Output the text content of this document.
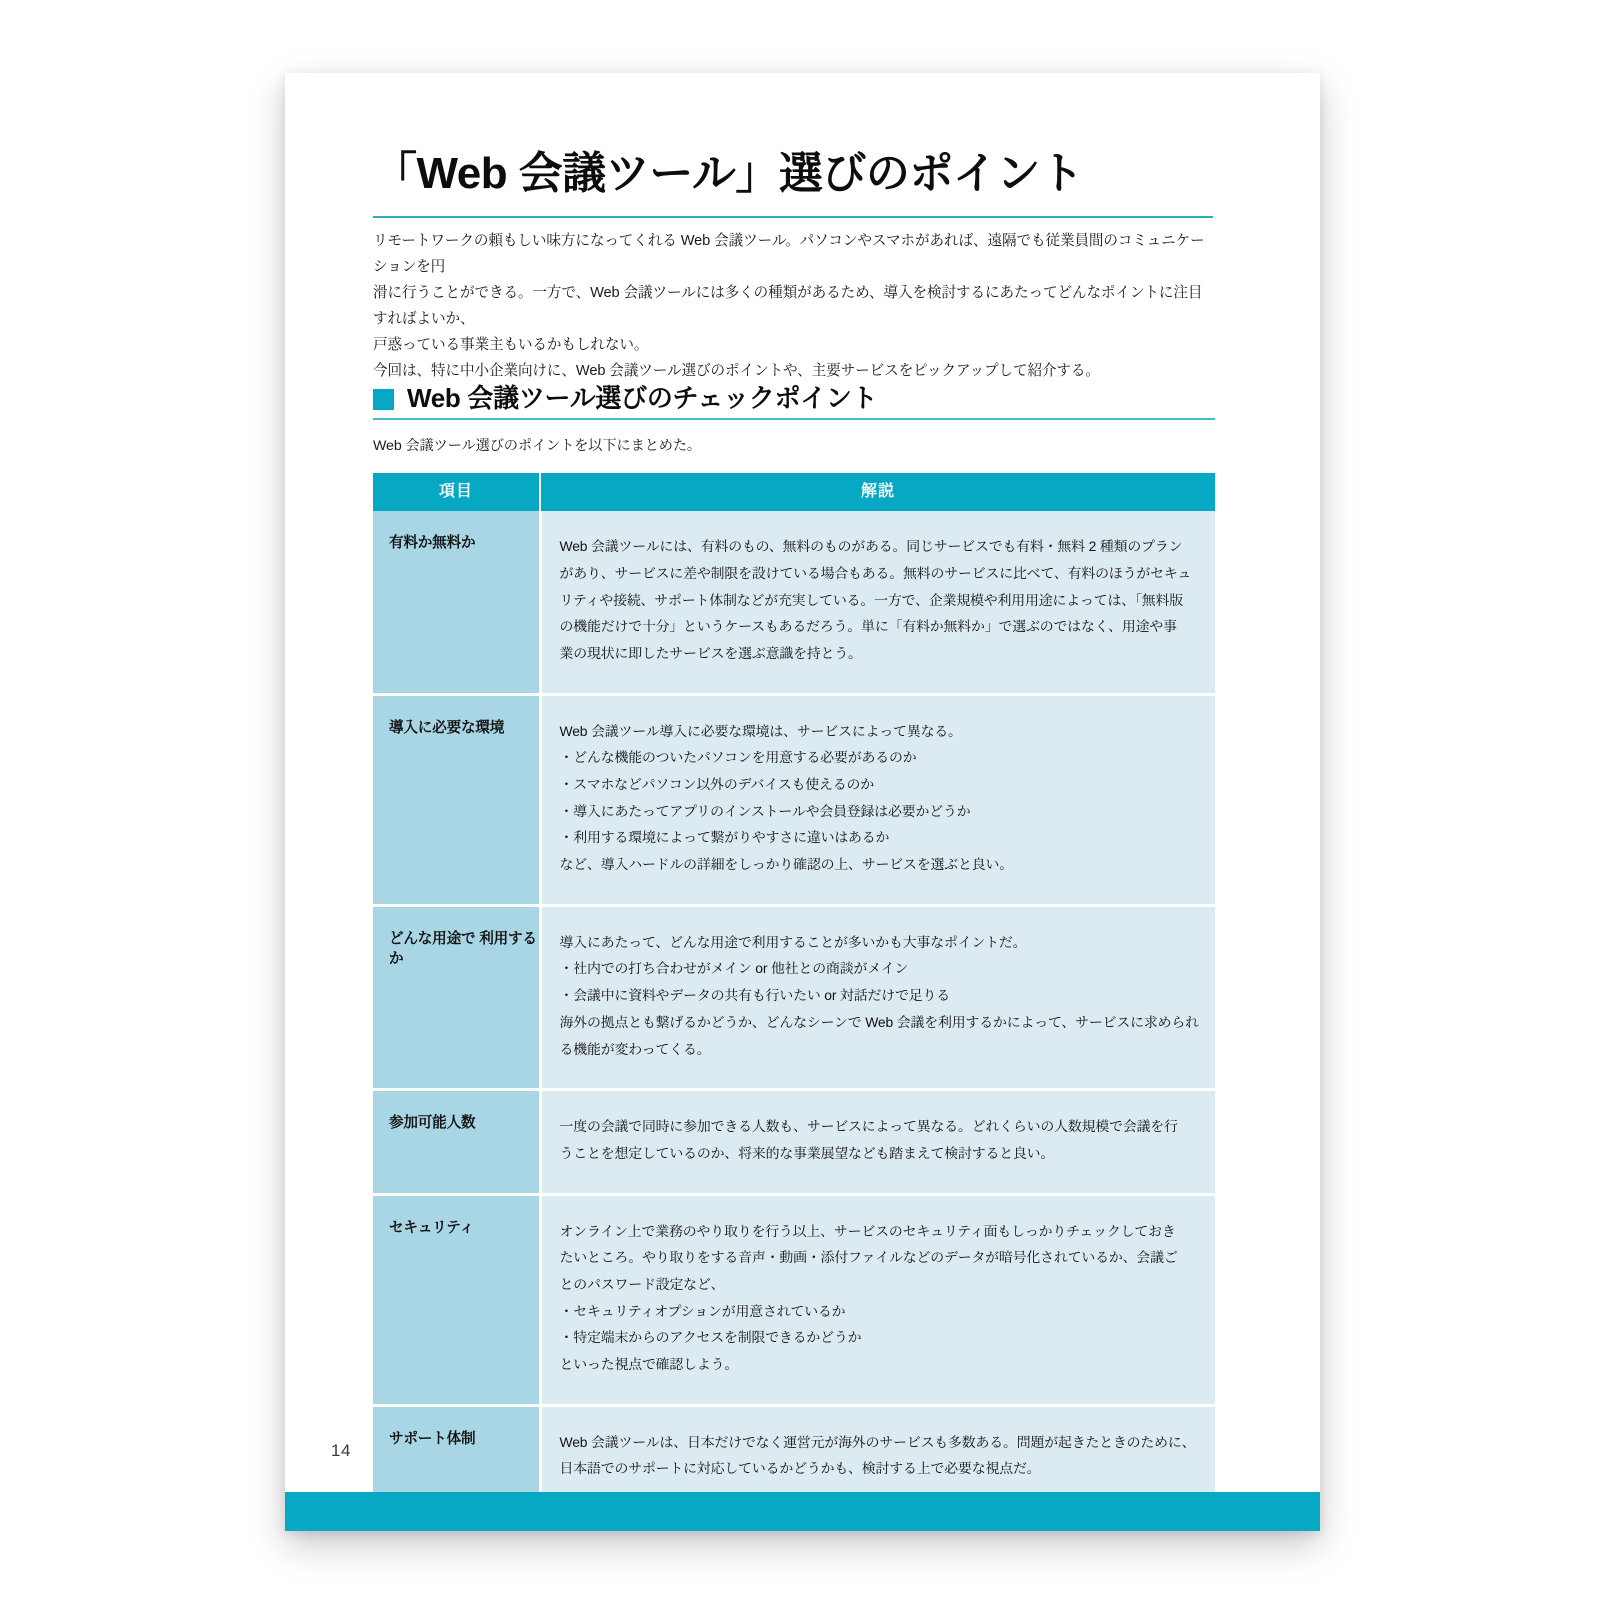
「Web 会議ツール」選びのポイント

リモートワークの頼もしい味方になってくれる Web 会議ツール。パソコンやスマホがあれば、遠隔でも従業員間のコミュニケーションを円

滑に行うことができる。一方で、Web 会議ツールには多くの種類があるため、導入を検討するにあたってどんなポイントに注目すればよいか、

戸惑っている事業主もいるかもしれない。

今回は、特に中小企業向けに、Web 会議ツール選びのポイントや、主要サービスをピックアップして紹介する。

Web 会議ツール選びのチェックポイント
Web 会議ツール選びのポイントを以下にまとめた。
項目	解説
有料か無料か	Web 会議ツールには、有料のもの、無料のものがある。同じサービスでも有料・無料 2 種類のプラン
があり、サービスに差や制限を設けている場合もある。無料のサービスに比べて、有料のほうがセキュ
リティや接続、サポート体制などが充実している。一方で、企業規模や利用用途によっては、「無料版
の機能だけで十分」というケースもあるだろう。単に「有料か無料か」で選ぶのではなく、用途や事
業の現状に即したサービスを選ぶ意識を持とう。

導入に必要な環境	Web 会議ツール導入に必要な環境は、サービスによって異なる。
・どんな機能のついたパソコンを用意する必要があるのか
・スマホなどパソコン以外のデバイスも使えるのか
・導入にあたってアプリのインストールや会員登録は必要かどうか
・利用する環境によって繋がりやすさに違いはあるか
など、導入ハードルの詳細をしっかり確認の上、サービスを選ぶと良い。

どんな用途で 利用するか	導入にあたって、どんな用途で利用することが多いかも大事なポイントだ。
・社内での打ち合わせがメイン or 他社との商談がメイン
・会議中に資料やデータの共有も行いたい or 対話だけで足りる
海外の拠点とも繋げるかどうか、どんなシーンで Web 会議を利用するかによって、サービスに求められ
る機能が変わってくる。

参加可能人数	一度の会議で同時に参加できる人数も、サービスによって異なる。どれくらいの人数規模で会議を行
うことを想定しているのか、将来的な事業展望なども踏まえて検討すると良い。

セキュリティ	オンライン上で業務のやり取りを行う以上、サービスのセキュリティ面もしっかりチェックしておき
たいところ。やり取りをする音声・動画・添付ファイルなどのデータが暗号化されているか、会議ご
とのパスワード設定など、
・セキュリティオプションが用意されているか
・特定端末からのアクセスを制限できるかどうか
といった視点で確認しよう。

サポート体制	Web 会議ツールは、日本だけでなく運営元が海外のサービスも多数ある。問題が起きたときのために、
日本語でのサポートに対応しているかどうかも、検討する上で必要な視点だ。
14
